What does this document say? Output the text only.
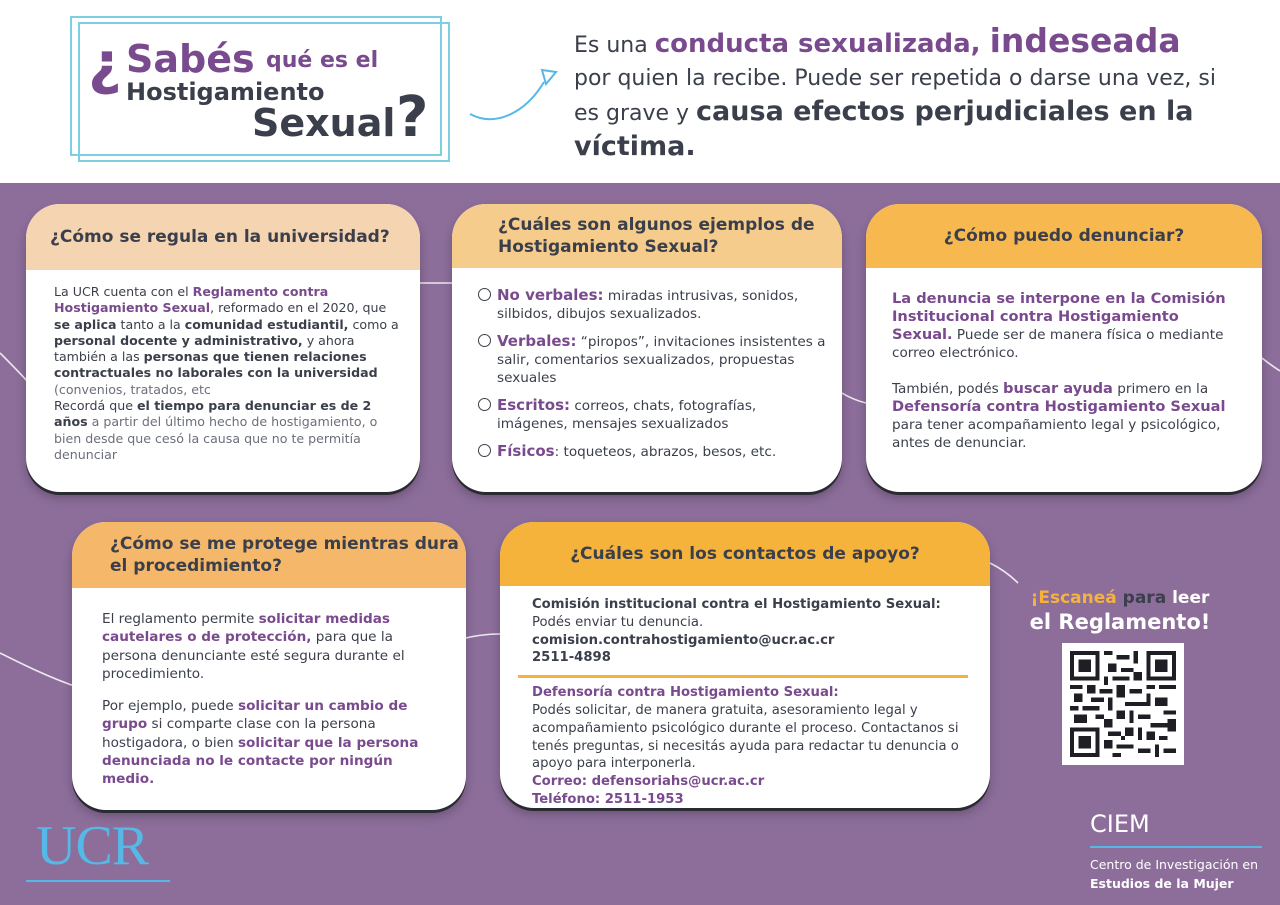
¿ Sabés qué es el
Hostigamiento
Sexual ?
Es una conducta sexualizada, indeseada por quien la recibe. Puede ser repetida o darse una vez, si es grave y causa efectos perjudiciales en la víctima.
¿Cómo se regula en la universidad?

La UCR cuenta con el Reglamento contra Hostigamiento Sexual, reformado en el 2020, que se aplica tanto a la comunidad estudiantil, como a personal docente y administrativo, y ahora también a las personas que tienen relaciones contractuales no laborales con la universidad (convenios, tratados, etc

Recordá que el tiempo para denunciar es de 2 años a partir del último hecho de hostigamiento, o bien desde que cesó la causa que no te permitía denunciar

¿Cuáles son algunos ejemplos de Hostigamiento Sexual?
No verbales: miradas intrusivas, sonidos, silbidos, dibujos sexualizados.
Verbales: “piropos”, invitaciones insistentes a salir, comentarios sexualizados, propuestas sexuales
Escritos: correos, chats, fotografías, imágenes, mensajes sexualizados
Físicos: toqueteos, abrazos, besos, etc.
¿Cómo puedo denunciar?

La denuncia se interpone en la Comisión Institucional contra Hostigamiento Sexual. Puede ser de manera física o mediante correo electrónico.

También, podés buscar ayuda primero en la Defensoría contra Hostigamiento Sexual para tener acompañamiento legal y psicológico, antes de denunciar.

¿Cómo se me protege mientras dura el procedimiento?

El reglamento permite solicitar medidas cautelares o de protección, para que la persona denunciante esté segura durante el procedimiento.

Por ejemplo, puede solicitar un cambio de grupo si comparte clase con la persona hostigadora, o bien solicitar que la persona denunciada no le contacte por ningún medio.

¿Cuáles son los contactos de apoyo?
Comisión institucional contra el Hostigamiento Sexual:
Podés enviar tu denuncia.
comision.contrahostigamiento@ucr.ac.cr
2511-4898
Defensoría contra Hostigamiento Sexual:
Podés solicitar, de manera gratuita, asesoramiento legal y acompañamiento psicológico durante el proceso. Contactanos si tenés preguntas, si necesitás ayuda para redactar tu denuncia o apoyo para interponerla.
Correo: defensoriahs@ucr.ac.cr
Teléfono: 2511-1953
¡Escaneá para leer
el Reglamento!
UCR	CIEM
Centro de Investigación en
Estudios de la Mujer
